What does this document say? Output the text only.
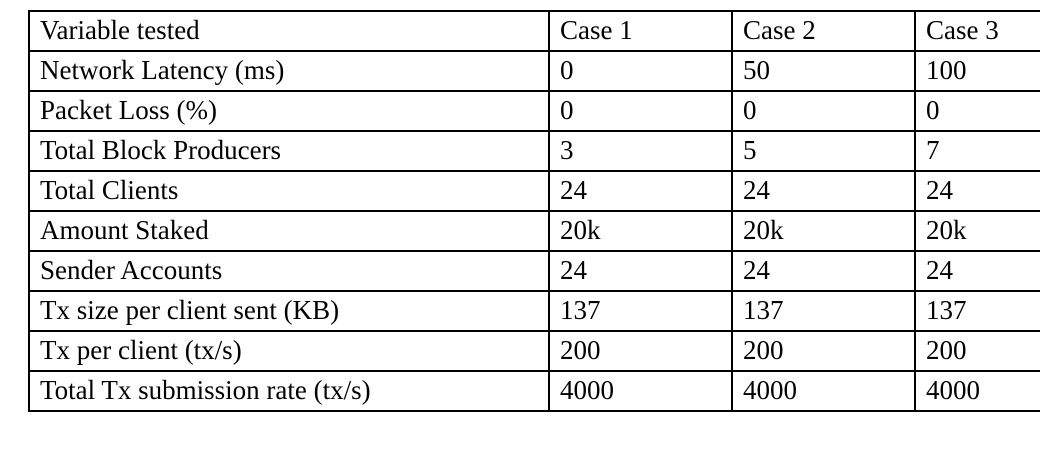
Variable tested	Case 1	Case 2	Case 3
Network Latency (ms)	0	50	100
Packet Loss (%)	0	0	0
Total Block Producers	3	5	7
Total Clients	24	24	24
Amount Staked	20k	20k	20k
Sender Accounts	24	24	24
Tx size per client sent (KB)	137	137	137
Tx per client (tx/s)	200	200	200
Total Tx submission rate (tx/s)	4000	4000	4000
